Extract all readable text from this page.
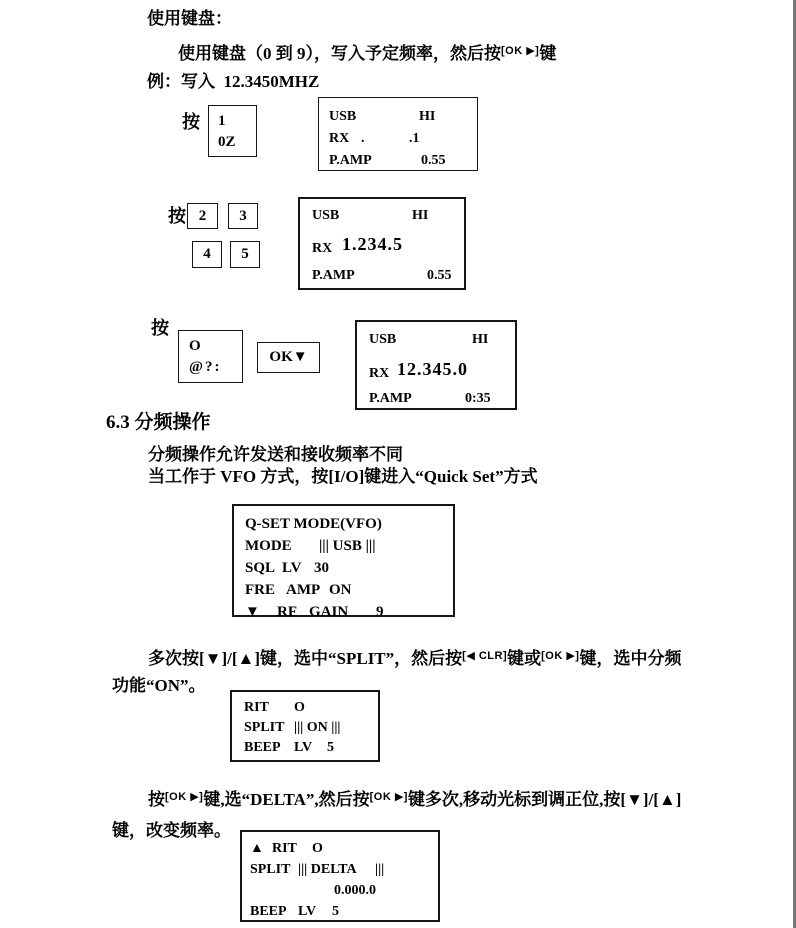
使用键盘：
使用键盘（0 到 9），写入予定频率，然后按[OK ▶]键
例：写入  12.3450MHZ
按 1
0Z
USB	HI
RX .	.1
P.AMP	0.55
按 2	3
4	5
USB	HI
RX 1.234.5
P.AMP	0.55
按
O
@?:
OK▼
USB	HI
RX 12.345.0
P.AMP	0:35
6.3 分频操作
分频操作允许发送和接收频率不同
当工作于 VFO 方式，按[I/O]键进入“Quick Set”方式
Q-SET MODE(VFO)
MODE ||| USB |||
SQL LV 30
FRE AMP ON
▼ RF GAIN 9
多次按[▼]/[▲]键，选中“SPLIT”，然后按[◀ CLR]键或[OK ▶]键，选中分频
功能“ON”。
RIT O
SPLIT ||| ON |||
BEEP LV 5
按[OK ▶]键,选“DELTA”,然后按[OK ▶]键多次,移动光标到调正位,按[▼]/[▲]
键，改变频率。
▲ RIT O
SPLIT ||| DELTA |||
0.000.0
BEEP LV 5
